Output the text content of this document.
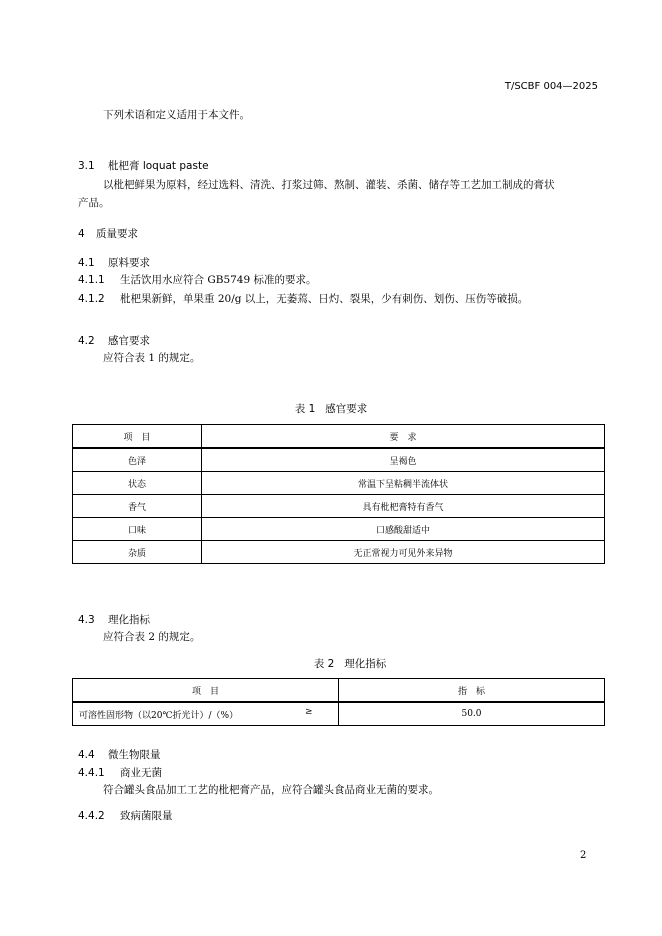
T/SCBF 004—2025
下列术语和定义适用于本文件。
3.1 枇杷膏 loquat paste
以枇杷鲜果为原料，经过选料、清洗、打浆过筛、熬制、灌装、杀菌、储存等工艺加工制成的膏状
产品。
4 质量要求
4.1 原料要求
4.1.1 生活饮用水应符合 GB5749 标准的要求。
4.1.2 枇杷果新鲜，单果重 20/g 以上，无萎蔫、日灼、裂果，少有刺伤、划伤、压伤等破损。
4.2 感官要求
应符合表 1 的规定。
表 1 感官要求
项　目	要　求
色泽	呈褐色
状态	常温下呈粘稠半流体状
香气	具有枇杷膏特有香气
口味	口感酸甜适中
杂质	无正常视力可见外来异物
4.3 理化指标
应符合表 2 的规定。
表 2 理化指标
项　目	指　标
可溶性固形物（以20℃折光计）/（%） ≥	50.0
4.4 微生物限量
4.4.1 商业无菌
符合罐头食品加工工艺的枇杷膏产品，应符合罐头食品商业无菌的要求。
4.4.2 致病菌限量
2
